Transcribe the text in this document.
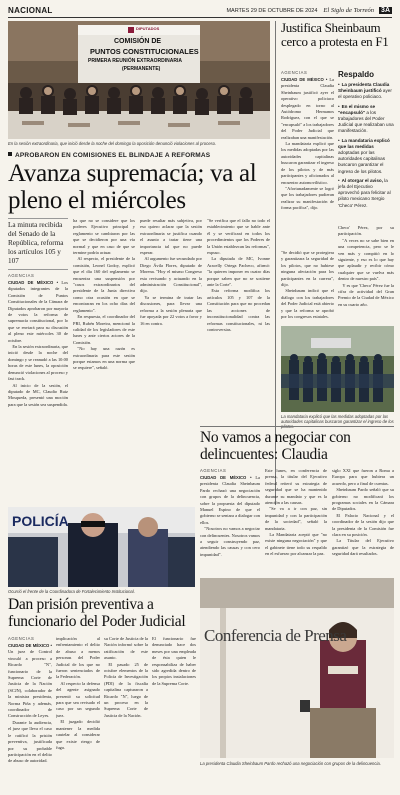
NACIONAL	MARTES 29 DE OCTUBRE DE 2024 El Siglo de Torreón 3A
DIPUTADOS
COMISIÓN DE
PUNTOS CONSTITUCIONALES
PRIMERA REUNIÓN EXTRAORDINARIA
(PERMANENTE)
En la sesión extraordinaria, que inició desde la noche del domingo la oposición denunció violaciones al proceso.
APROBARON EN COMISIONES EL BLINDAJE A REFORMAS
Avanza supremacía; va al pleno el miércoles
La minuta recibida del Senado de la República, reforma los artículos 105 y 107
AGENCIAS

CIUDAD DE MÉXICO • Los diputados integrantes de la Comisión de Puntos Constitucionales de la Cámara de Diputados aprobaron por mayoría de votos la reforma de supremacía constitucional, por lo que se enviará para su discusión al pleno este miércoles 30 de octubre.

 En la sesión extraordinaria, que inició desde la noche del domingo y se reanudó a las 10:00 horas de este lunes, la oposición denunció violaciones al proceso y fast track.

 Al inicio de la sesión, el diputado de MC, Claudio Ruiz Mosqueda, presentó una moción para que la sesión sea suspendida.

ha que no se considere que los poderes Ejecutivo principal y reglamento se cambiaron por las que se decidieron por una vía normal y que en caso de que se termine podría actuar.

 Al respecto, el presidente de la comisión, Leonel Godoy, explicó que el día 160 del reglamento se encuentra una suspensión por "casos extraordinarios del presidente de la Junta directiva como otra ocasión en que se encontraran en los ocho días del reglamento".

 En respuesta, el coordinador del PRI, Rubén Moreira, mencionó la calidad de los legisladores de este lunes y ante ciertos actores de la Comisión.

 "No hay una razón es extraordinaria para este sesión porque estamos en una norma que se requiere", señaló.

puede resultar más subjetiva, por eso quiero aclarar que la sesión extraordinaria se justifica cuando el asunto a tratar tiene una importancia tal que no puede esperar.

 Al argumento fue secundado por Diego Ávila Flores, diputado de Morena. "Hoy el mismo Congreso esta revisando y actuando en la administración Constitucional", dijo.

 Ya se termina de tratar las discusiones, para llevar una reforma a la sesión plenaria que fue apoyada por 22 votos a favor y 16 en contra.

"Se verifica que el fallo no todo el establecimiento que se hable ante él y se verificará en todos los procedimientos que los Poderes de la Unión establezcan las reformas", expuso.

 La diputada de MC, Ivonne Aracelly Ortega Pacheco, afirmó: "la quieren imponer en cuatro días porque saben que no se sostiene ante la Corte".

 Esta reforma modifica los artículos 105 y 107 de la Constitución para que no procedan las acciones de inconstitucionalidad contra las reformas constitucionales, ni las controversias.

Justifica Sheinbaum cerco a protesta en F1
AGENCIAS

CIUDAD DE MÉXICO • La presidenta Claudia Sheinbaum justificó ayer el operativo policiaco desplegado en torno al Autódromo Hermanos Rodríguez, con el que se "encapsuló" a los trabajadores del Poder Judicial que realizaban una manifestación.

 La mandataria explicó que los medidas adoptadas por las autoridades capitalinas buscaron garantizar el ingreso de los pilotos y de más participantes y aficionados al encuentro automovilístico.

 "Afortunadamente se logró que los trabajadores pudieran realizar su manifestación de forma pacífica", dijo.

Respaldo
• La presidenta Claudia Sheinbaum justificó ayer el operativo policiaco.
• En el mismo se "encapsuló" a los trabajadores del Poder Judicial que realizaban una manifestación.
• La mandataria explicó que las medidas adoptadas por las autoridades capitalinas buscaron garantizar el ingreso de los pilotos.
• Al otorgar el aviso, la jefa del Ejecutivo aprovechó para felicitar al piloto mexicano Sergio 'Checo' Pérez.

"Se decidió que se protegiera y garantizara la seguridad de los pilotos, que no hubiese ninguna afectación para los participantes en la carrera", dijo.

 Sheinbaum indicó que el diálogo con los trabajadores del Poder Judicial está abierto y que la reforma se aprobó por los congresos estatales.

Checo' Pérez, por su participación.

 "A veces no se sabe bien en una competencia, pero se le ven más y compitió en lo siguiente, y eso es lo que hay que aplaudir y recibir cómo cualquier que se vuelva más dentro de nuestro país".

 Y es que 'Checo' Pérez fue la cifra de actividad del Gran Premio de la Ciudad de México en su cuarto año.

La mandataria explicó que las medidas adoptadas por las autoridades capitalinas buscaron garantizar el ingreso de los
No vamos a negociar con delincuentes: Claudia
AGENCIAS

CIUDAD DE MÉXICO • La presidenta Claudia Sheinbaum Pardo rechazó una negociación con grupos de la delincuencia, sobre la propuesta del diputado Manuel Espino de que el gobierno se sentara a dialogar con ellos.

 "Nosotros no vamos a negociar con delincuentes. Nosotros vamos a seguir construyendo paz, atendiendo las causas y con cero impunidad".

Este lunes, en conferencia de prensa, la titular del Ejecutivo federal reiteró su estrategia de seguridad que se ha mantenido durante su mandato y que es la atención a las causas.

 "Se va a ir con paz, sin impunidad y con la participación de la sociedad", señaló la mandataria.

 La Mandataria aceptó que "no existe ninguna negociación" y que el gabinete tiene todo su respaldo en el esfuerzo por alcanzar la paz.

siglo XXI que fueron a Roma a Europa para que hubiera un acuerdo, pero a final de cuentas.

 Sheinbaum Pardo señaló que su gobierno no modificará los programas sociales en la Cámara de Diputados.

 El Palacio Nacional y el coordinador de la sesión dijo que la presidenta de la Comisión fue clara en su posición.

 La Titular del Ejecutivo garantizó que la estrategia de seguridad dará resultados.

Conferencia de Prensa
La presidenta Claudia Sheinbaum Pardo rechazó una negociación con grupos de la delincuencia.
POLICÍA
Ocurrió el frente de la Coordinadora de Fortalecimiento Institucional.
Dan prisión preventiva a funcionario del Poder Judicial
AGENCIAS

CIUDAD DE MÉXICO • Un juez de Control vinculó a proceso a Ricardo "N", funcionario de la Suprema Corte de Justicia de la Nación (SCJN), colaborador de la ministra presidenta, Norma Piña y además, coordinador de Construcción de Leyes.

 Durante la audiencia, el juez que lleva el caso le ratificó la prisión preventiva, justificada por su probable participación en el delito de abuso de autoridad.

implicación al enfrentamiento el delito de abuso a menos personas del Poder Judicial de los que no fueron sentenciados de la Federación.

 Al respecto la defensa del agente asignado presentó su solicitud para que sea revisado el caso por un segundo juez.

 El juzgado decidió mantener la medida cautelar al considerar que existe riesgo de fuga.

su Corte de Justicia de la Nación informó sobre la ratificación de este asunto.

 El pasado 25 de octubre elementos de la Policía de Investigación (PDI) de la fiscalía capitalina capturaron a Ricardo "N", luego de un proceso en la Suprema Corte de Justicia de la Nación.

El funcionario fue denunciado hace dos meses por una empleada de ésta quien le responsabiliza de haber sido agredida dentro de los propios instalaciones de la Suprema Corte.
